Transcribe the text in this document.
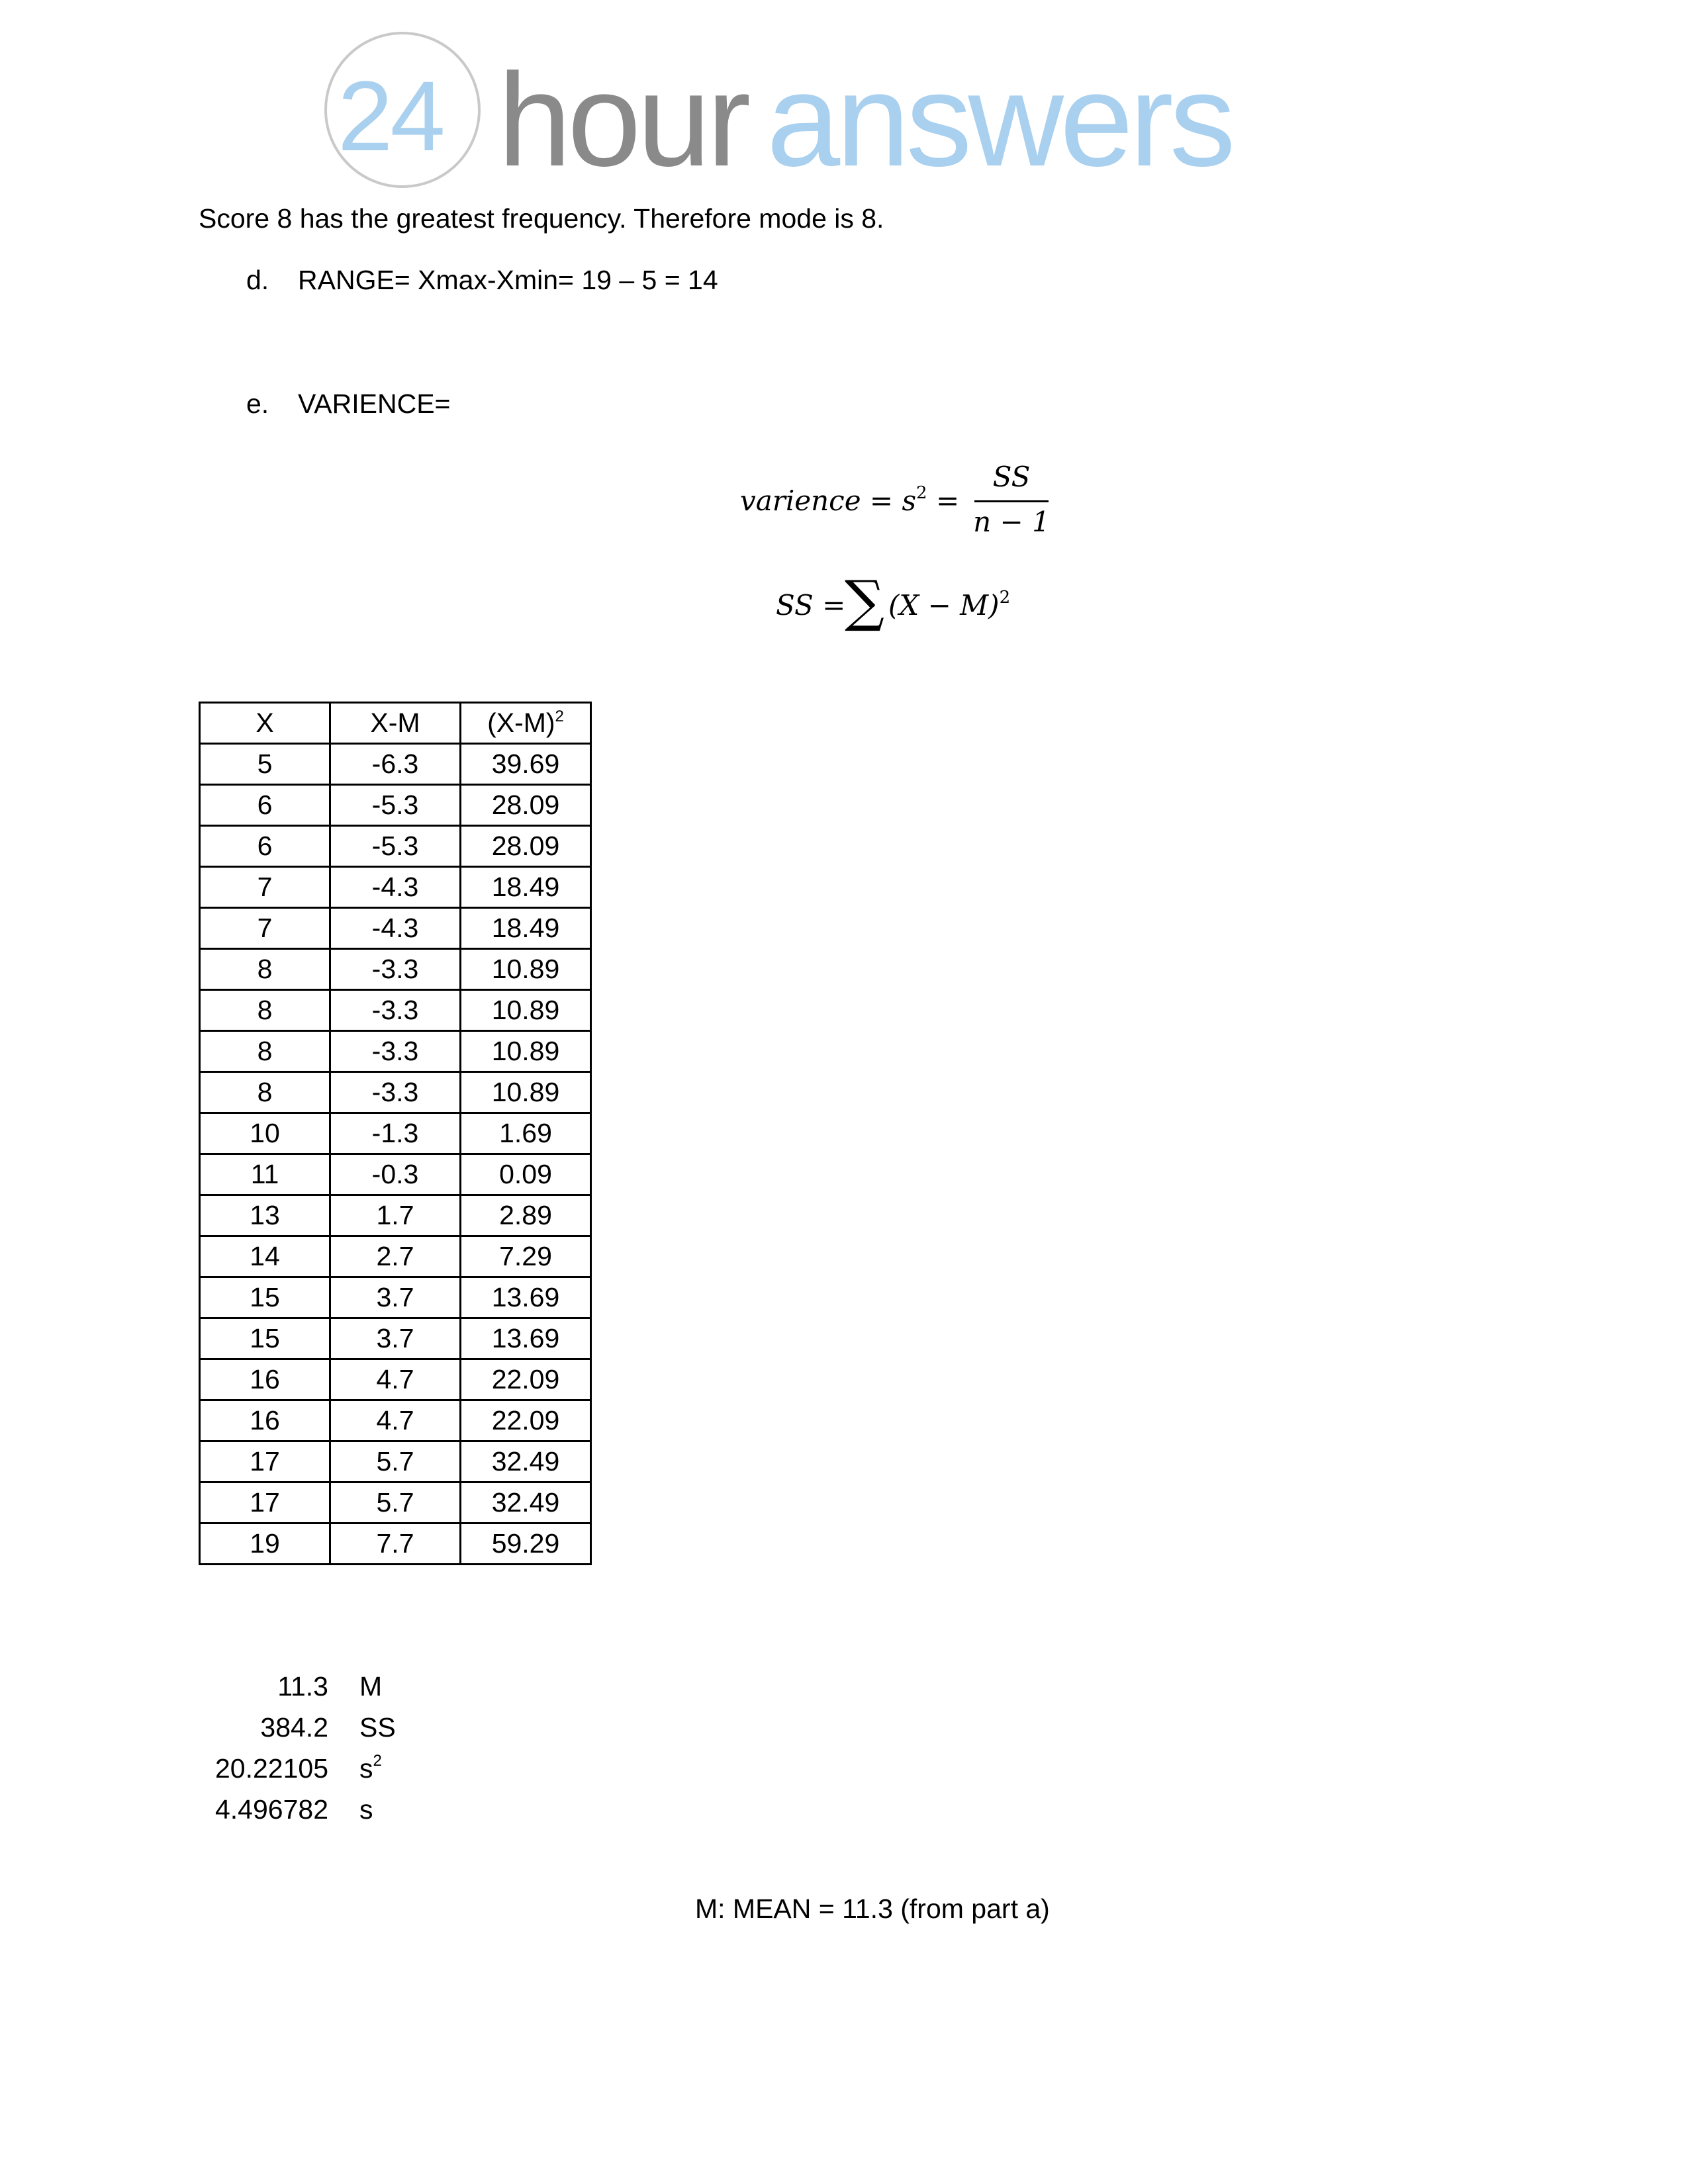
24 hour answers
Score 8 has the greatest frequency. Therefore mode is 8.
d. RANGE= Xmax-Xmin= 19 – 5 = 14
e. VARIENCE=
varience = $s^2$ =
SS
n − 1
SS =
∑ $(X - M)^2$
X	X-M	$(X-M)^2$
5	-6.3	39.69
6	-5.3	28.09
6	-5.3	28.09
7	-4.3	18.49
7	-4.3	18.49
8	-3.3	10.89
8	-3.3	10.89
8	-3.3	10.89
8	-3.3	10.89
10	-1.3	1.69
11	-0.3	0.09
13	1.7	2.89
14	2.7	7.29
15	3.7	13.69
15	3.7	13.69
16	4.7	22.09
16	4.7	22.09
17	5.7	32.49
17	5.7	32.49
19	7.7	59.29
11.3 M
384.2 SS
20.22105 $s^2$
4.496782 s
M: MEAN = 11.3 (from part a)
